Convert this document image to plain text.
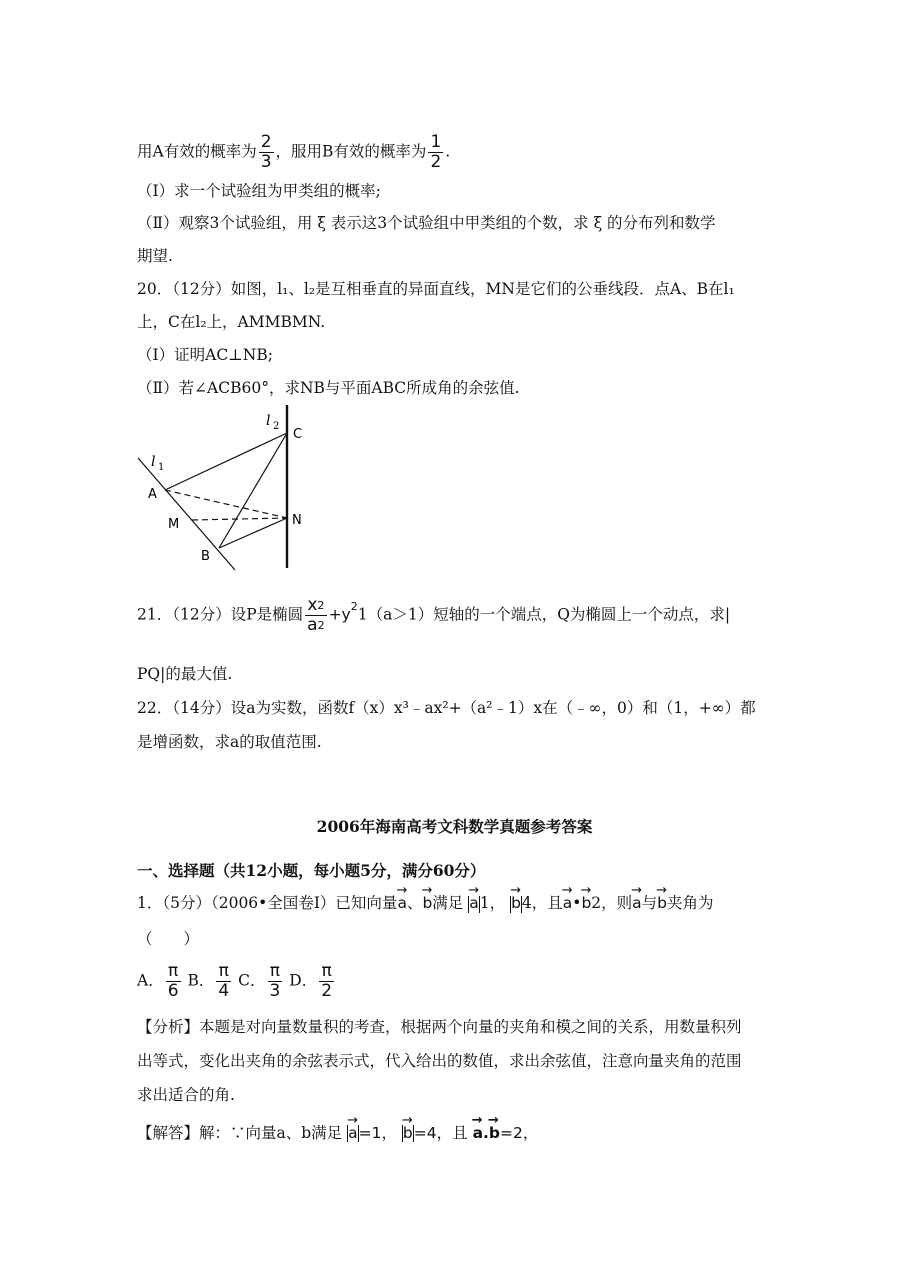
用A有效的概率为 $\frac{2}{3}$ ，服用B有效的概率为 $\frac{1}{2}$ .
（Ⅰ）求一个试验组为甲类组的概率;
（Ⅱ）观察3个试验组，用 ξ 表示这3个试验组中甲类组的个数，求 ξ 的分布列和数学
期望.
20．（12分）如图，l₁、l₂是互相垂直的异面直线，MN是它们的公垂线段．点A、B在l₁
上，C在l₂上，AMMBMN.
（Ⅰ）证明AC⊥NB;
（Ⅱ）若∠ACB60°，求NB与平面ABC所成角的余弦值.
l 2
C
l 1
A
M	N
B
21．（12分）设P是椭圆 $\frac{x^2}{a^2} +y^21(a>1)$短轴的一个端点，Q为椭圆上一个动点，求|
PQ|的最大值.
22．（14分）设a为实数，函数f（x）x³﹣ax²+（a²﹣1）x在（﹣∞，0）和（1，+∞）都
是增函数，求a的取值范围.
2006年海南高考文科数学真题参考答案
一、选择题（共12小题，每小题5分，满分60分）
1．（5分）（2006•全国卷Ⅰ）已知向量→ a、→ b满足 → a1， → b4，且→ a•→ b2，则→ a与→ b夹角为
（　　）
A． $\frac{\pi}{6}$ B． $\frac{\pi}{4}$ C． $\frac{\pi}{3}$ D． $\frac{\pi}{2}$
【分析】本题是对向量数量积的考查，根据两个向量的夹角和模之间的关系，用数量积列
出等式，变化出夹角的余弦表示式，代入给出的数值，求出余弦值，注意向量夹角的范围
求出适合的角.
【解答】解：∵向量a、b满足 → a=1， → b=4，且 → a.→ b=2，
